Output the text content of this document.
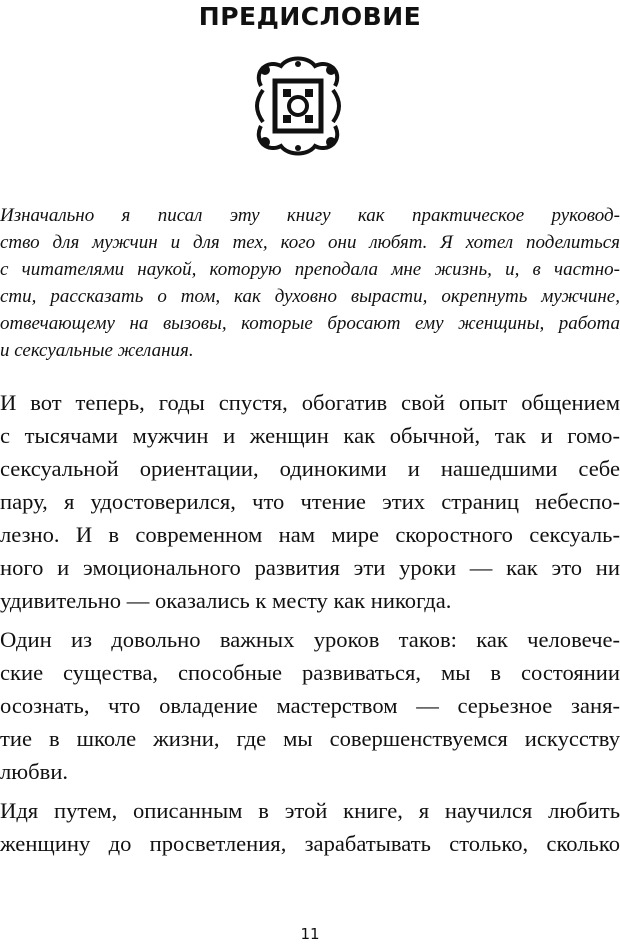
ПРЕДИСЛОВИЕ
Изначально я писал эту книгу как практическое руковод-
ство для мужчин и для тех, кого они любят. Я хотел поделиться
с читателями наукой, которую преподала мне жизнь, и, в частно-
сти, рассказать о том, как духовно вырасти, окрепнуть мужчине,
отвечающему на вызовы, которые бросают ему женщины, работа
и сексуальные желания.
И вот теперь, годы спустя, обогатив свой опыт общением
с тысячами мужчин и женщин как обычной, так и гомо-
сексуальной ориентации, одинокими и нашедшими себе
пару, я удостоверился, что чтение этих страниц небеспо-
лезно. И в современном нам мире скоростного сексуаль-
ного и эмоционального развития эти уроки — как это ни
удивительно — оказались к месту как никогда.
Один из довольно важных уроков таков: как человече-
ские существа, способные развиваться, мы в состоянии
осознать, что овладение мастерством — серьезное заня-
тие в школе жизни, где мы совершенствуемся искусству
любви.
Идя путем, описанным в этой книге, я научился любить
женщину до просветления, зарабатывать столько, сколько
11
